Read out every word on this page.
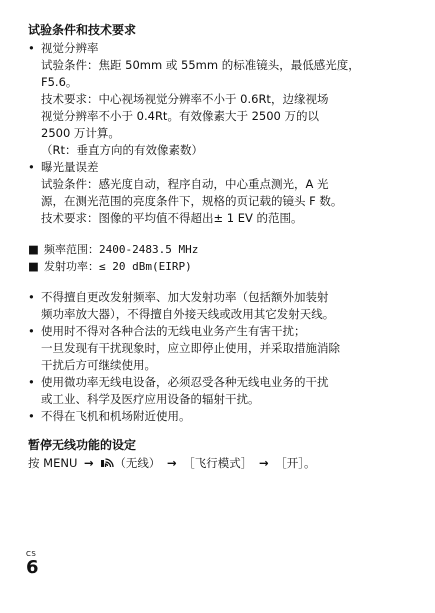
试验条件和技术要求
• 视觉分辨率
试验条件：焦距 50mm 或 55mm 的标准镜头，最低感光度，
F5.6。
技术要求：中心视场视觉分辨率不小于 0.6Rt，边缘视场
视觉分辨率不小于 0.4Rt。有效像素大于 2500 万的以
2500 万计算。
（Rt：垂直方向的有效像素数）
• 曝光量误差
试验条件：感光度自动，程序自动，中心重点测光，A 光
源，在测光范围的亮度条件下，规格的页记载的镜头 F 数。
技术要求：图像的平均值不得超出± 1 EV 的范围。
■ 频率范围：2400-2483.5 MHz
■ 发射功率：≤ 20 dBm(EIRP)
• 不得擅自更改发射频率、加大发射功率（包括额外加装射
频功率放大器），不得擅自外接天线或改用其它发射天线。
• 使用时不得对各种合法的无线电业务产生有害干扰；
一旦发现有干扰现象时，应立即停止使用，并采取措施消除
干扰后方可继续使用。
• 使用微功率无线电设备，必须忍受各种无线电业务的干扰
或工业、科学及医疗应用设备的辐射干扰。
• 不得在飞机和机场附近使用。
暂停无线功能的设定
按 MENU → （无线） → ［飞行模式］ → ［开］。
CS
6
